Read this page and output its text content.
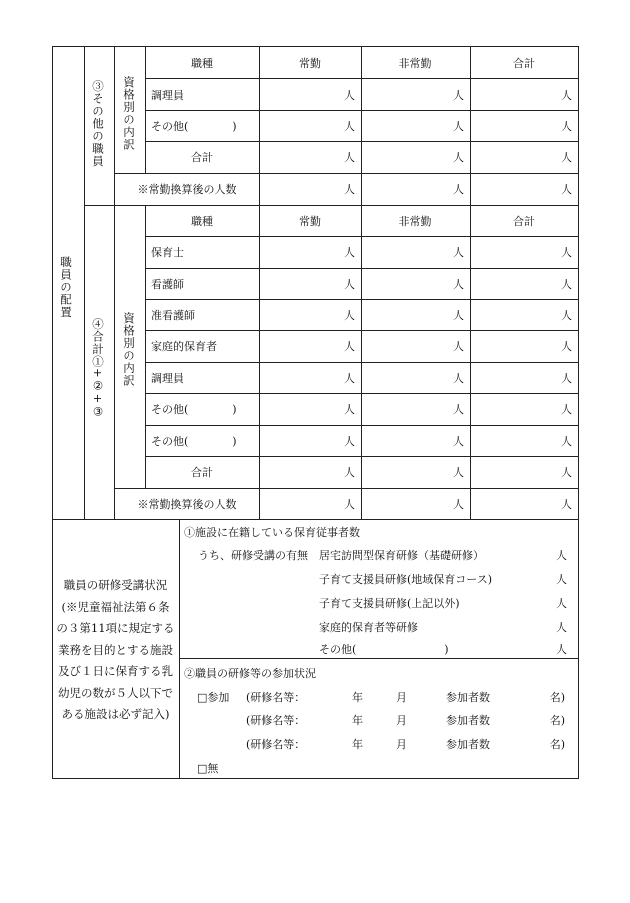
職員の配置
③その他の職員 資格別の内訳
職種	常勤	非常勤	合計
調理員	人	人	人
その他(　　　　)	人	人	人
合計	人	人	人
※常勤換算後の人数	人	人	人
④合計①+②+③ 資格別の内訳
職種	常勤	非常勤	合計
保育士	人	人	人
看護師	人	人	人
准看護師	人	人	人
家庭的保育者	人	人	人
調理員	人	人	人
その他(　　　　)	人	人	人
その他(　　　　)	人	人	人
合計	人	人	人
※常勤換算後の人数	人	人	人
職員の研修受講状況
(※児童福祉法第６条
の３第11項に規定する
業務を目的とする施設
及び１日に保育する乳
幼児の数が５人以下で
ある施設は必ず記入)
①施設に在籍している保育従事者数
うち、研修受講の有無 居宅訪問型保育研修（基礎研修）	人
子育て支援員研修(地域保育コース)	人
子育て支援員研修(上記以外)	人
家庭的保育者等研修	人
その他(　　　　　　　　)	人
②職員の研修等の参加状況
□参加 (研修名等：	年	月	参加者数	名)
(研修名等：	年	月	参加者数	名)
(研修名等：	年	月	参加者数	名)
□無
